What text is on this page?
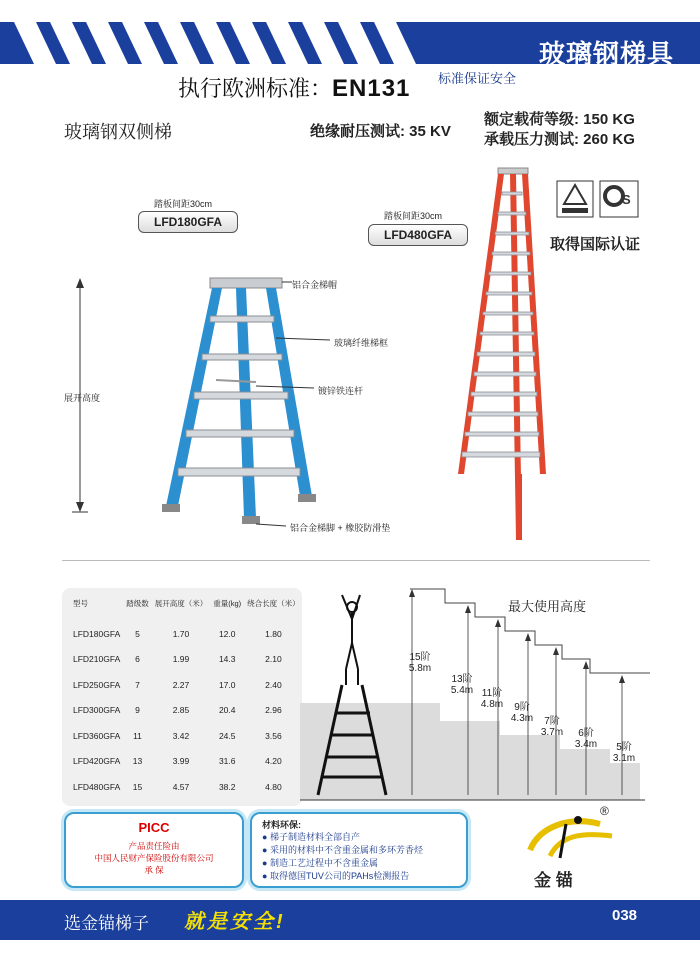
玻璃钢梯具
执行欧洲标准：EN131 标准保证安全
玻璃钢双侧梯	绝缘耐压测试: 35 KV
额定载荷等级: 150 KG
承载压力测试: 260 KG
踏板间距30cm
LFD180GFA
铝合金梯帽
玻璃纤维梯框
镀锌铁连杆
铝合金梯脚 + 橡胶防滑垫
展开高度
踏板间距30cm
LFD480GFA
S
取得国际认证
型号	踏级数	展开高度（米）	重量(kg)	绕合长度（米）
LFD180GFA	5	1.70	12.0	1.80
LFD210GFA	6	1.99	14.3	2.10
LFD250GFA	7	2.27	17.0	2.40
LFD300GFA	9	2.85	20.4	2.96
LFD360GFA	11	3.42	24.5	3.56
LFD420GFA	13	3.99	31.6	4.20
LFD480GFA	15	4.57	38.2	4.80
最大使用高度
15阶
5.8m
13阶
5.4m 11阶
4.8m	9阶
4.3m	7阶
3.7m	6阶
3.4m	5阶
3.1m
PICC
产品责任险由
中国人民财产保险股份有限公司
承 保
材料环保:
● 梯子制造材料全部自产
● 采用的材料中不含重金属和多环芳香烃
● 制造工艺过程中不含重金属
● 取得德国TUV公司的PAHs检测报告
®
金 锚
选金锚梯子 就是安全!	038
